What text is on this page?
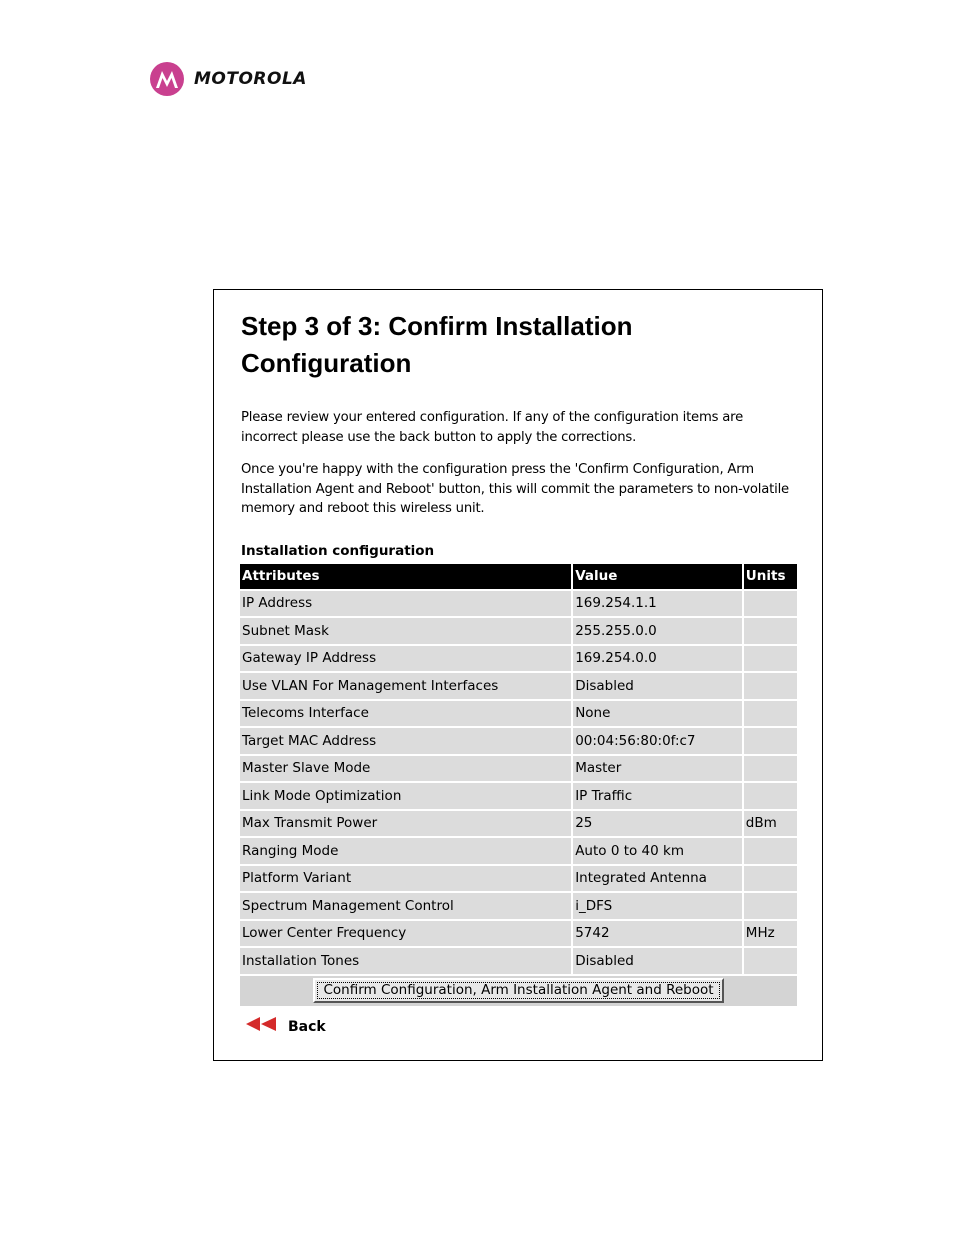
MOTOROLA
Step 3 of 3: Confirm Installation Configuration

Please review your entered configuration. If any of the configuration items are incorrect please use the back button to apply the corrections.

Once you're happy with the configuration press the 'Confirm Configuration, Arm Installation Agent and Reboot' button, this will commit the parameters to non-volatile memory and reboot this wireless unit.

Installation configuration
Attributes	Value	Units
IP Address	169.254.1.1	
Subnet Mask	255.255.0.0	
Gateway IP Address	169.254.0.0	
Use VLAN For Management Interfaces	Disabled	
Telecoms Interface	None	
Target MAC Address	00:04:56:80:0f:c7	
Master Slave Mode	Master	
Link Mode Optimization	IP Traffic	
Max Transmit Power	25	dBm
Ranging Mode	Auto 0 to 40 km	
Platform Variant	Integrated Antenna	
Spectrum Management Control	i_DFS	
Lower Center Frequency	5742	MHz
Installation Tones	Disabled	
Confirm Configuration, Arm Installation Agent and Reboot
Back
